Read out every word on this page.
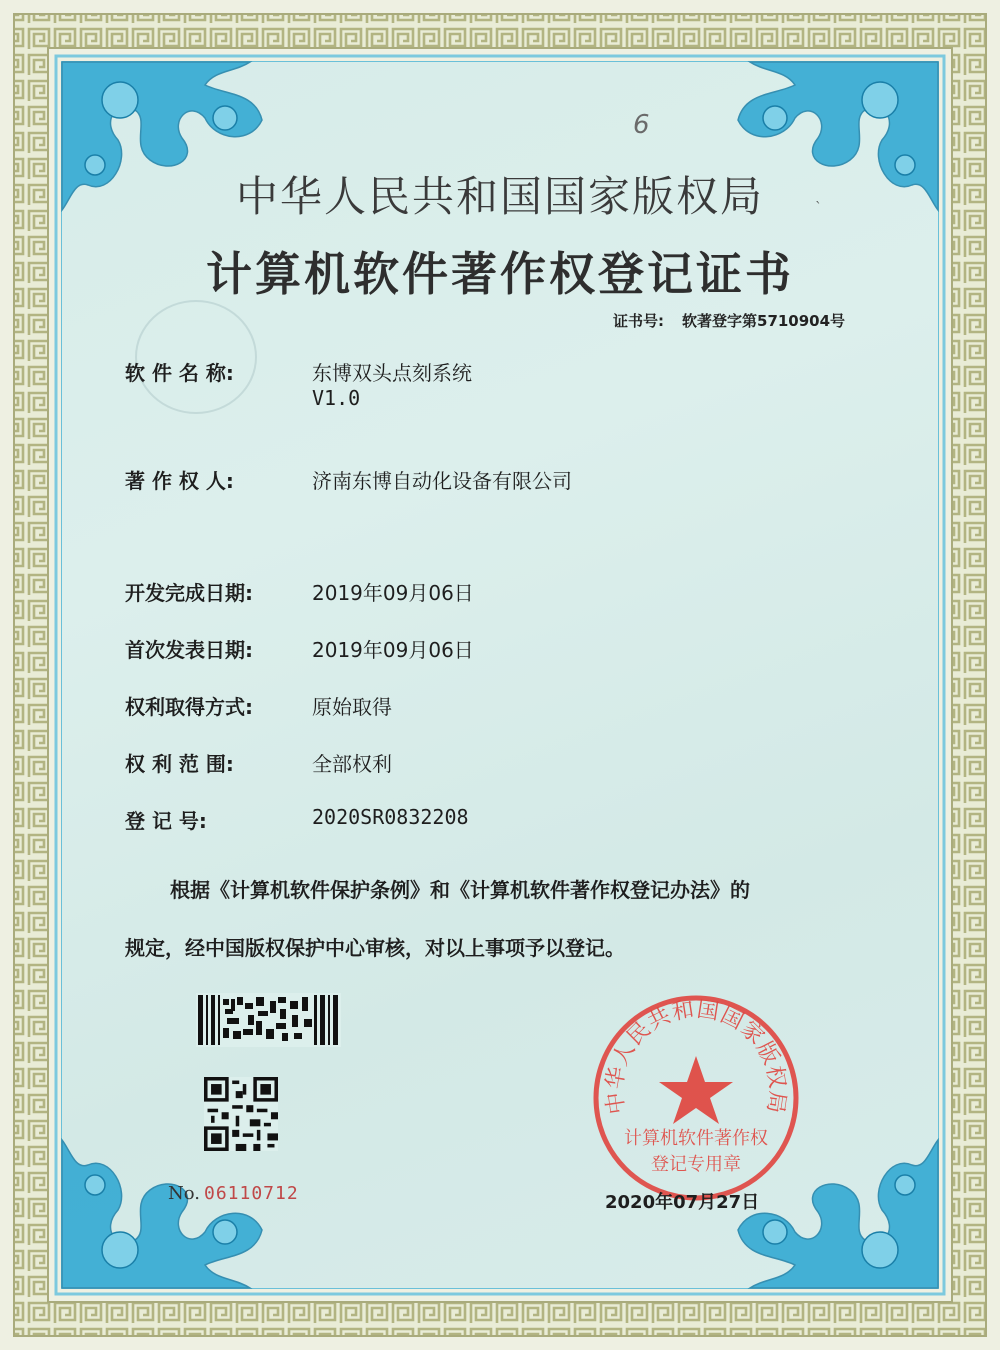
6
`
中华人民共和国国家版权局
计算机软件著作权登记证书
证书号: 软著登字第5710904号
软 件 名 称:	东博双头点刻系统
V1.0
著 作 权 人:	济南东博自动化设备有限公司
开发完成日期:	2019年09月06日
首次发表日期:	2019年09月06日
权利取得方式:	原始取得
权 利 范 围:	全部权利
登 记 号:	2020SR0832208
根据《计算机软件保护条例》和《计算机软件著作权登记办法》的
规定，经中国版权保护中心审核，对以上事项予以登记。
No. 06110712
中华人民共和国国家版权局
计算机软件著作权
登记专用章
2020年07月27日
